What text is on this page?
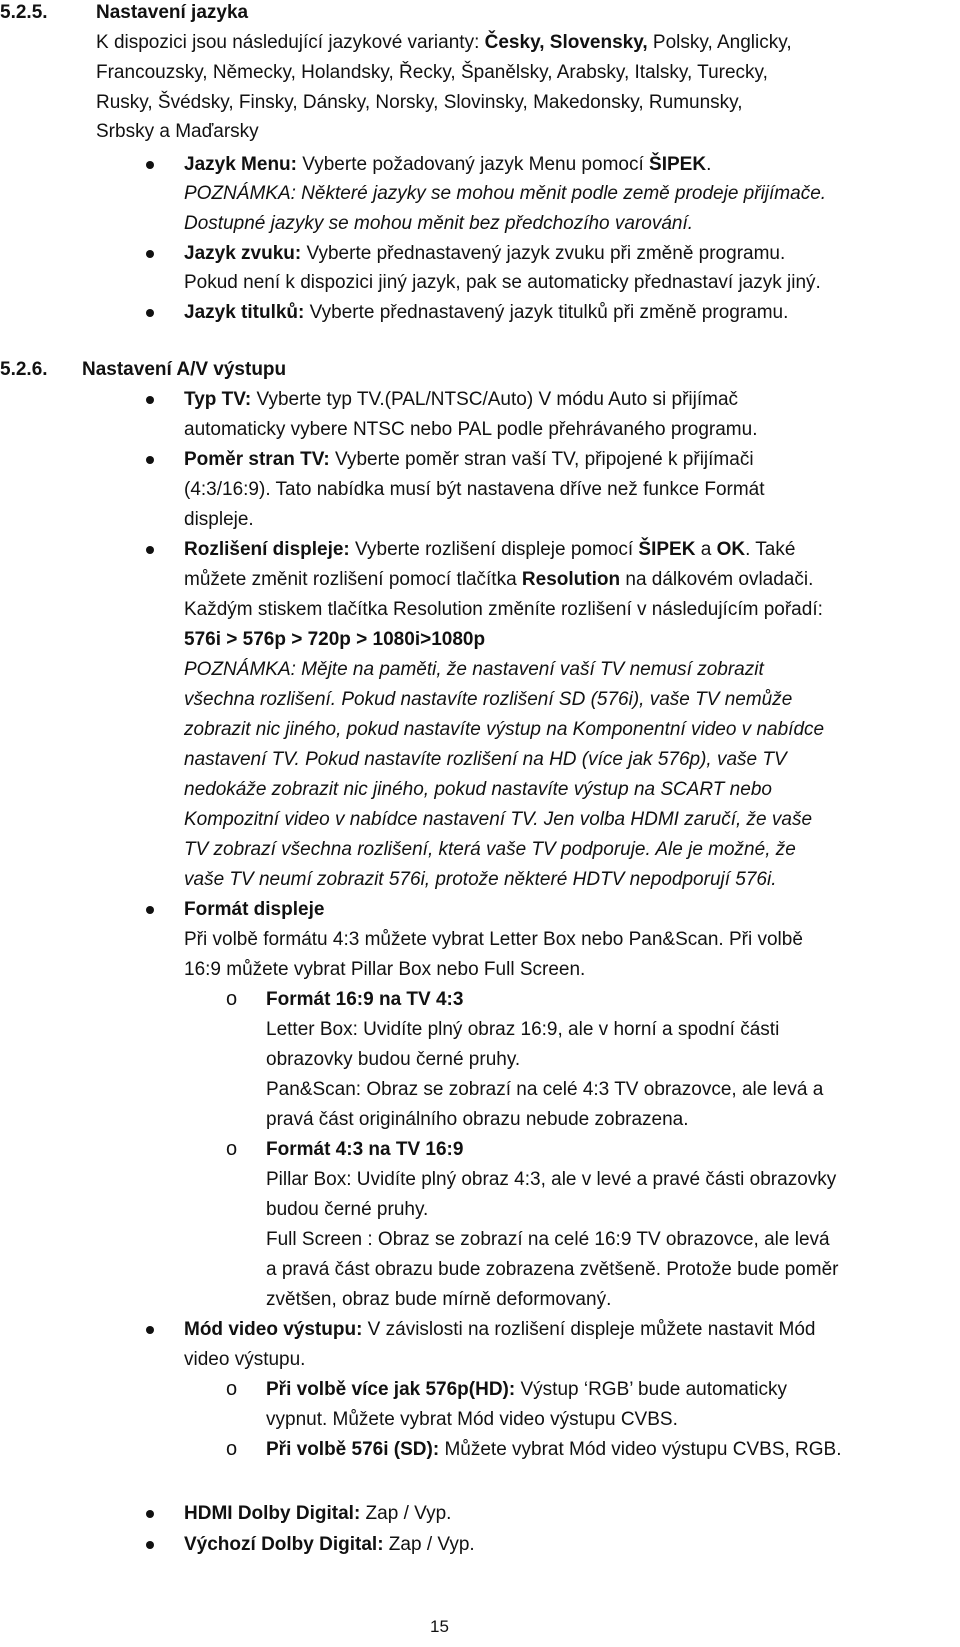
5.2.5.	Nastavení jazyka
K dispozici jsou následující jazykové varianty: Česky, Slovensky, Polsky, Anglicky,
Francouzsky, Německy, Holandsky, Řecky, Španělsky, Arabsky, Italsky, Turecky,
Rusky, Švédsky, Finsky, Dánsky, Norsky, Slovinsky, Makedonsky, Rumunsky,
Srbsky a Maďarsky
Jazyk Menu: Vyberte požadovaný jazyk Menu pomocí ŠIPEK.
POZNÁMKA: Některé jazyky se mohou měnit podle země prodeje přijímače.
Dostupné jazyky se mohou měnit bez předchozího varování.
Jazyk zvuku: Vyberte přednastavený jazyk zvuku při změně programu.
Pokud není k dispozici jiný jazyk, pak se automaticky přednastaví jazyk jiný.
Jazyk titulků: Vyberte přednastavený jazyk titulků při změně programu.
5.2.6. Nastavení A/V výstupu
Typ TV: Vyberte typ TV.(PAL/NTSC/Auto) V módu Auto si přijímač
automaticky vybere NTSC nebo PAL podle přehrávaného programu.
Poměr stran TV: Vyberte poměr stran vaší TV, připojené k přijímači
(4:3/16:9). Tato nabídka musí být nastavena dříve než funkce Formát
displeje.
Rozlišení displeje: Vyberte rozlišení displeje pomocí ŠIPEK a OK. Také
můžete změnit rozlišení pomocí tlačítka Resolution na dálkovém ovladači.
Každým stiskem tlačítka Resolution změníte rozlišení v následujícím pořadí:
576i > 576p > 720p > 1080i>1080p
POZNÁMKA: Mějte na paměti, že nastavení vaší TV nemusí zobrazit
všechna rozlišení. Pokud nastavíte rozlišení SD (576i), vaše TV nemůže
zobrazit nic jiného, pokud nastavíte výstup na Komponentní video v nabídce
nastavení TV. Pokud nastavíte rozlišení na HD (více jak 576p), vaše TV
nedokáže zobrazit nic jiného, pokud nastavíte výstup na SCART nebo
Kompozitní video v nabídce nastavení TV. Jen volba HDMI zaručí, že vaše
TV zobrazí všechna rozlišení, která vaše TV podporuje. Ale je možné, že
vaše TV neumí zobrazit 576i, protože některé HDTV nepodporují 576i.
Formát displeje
Při volbě formátu 4:3 můžete vybrat Letter Box nebo Pan&Scan. Při volbě
16:9 můžete vybrat Pillar Box nebo Full Screen.
o Formát 16:9 na TV 4:3
Letter Box: Uvidíte plný obraz 16:9, ale v horní a spodní části
obrazovky budou černé pruhy.
Pan&Scan: Obraz se zobrazí na celé 4:3 TV obrazovce, ale levá a
pravá část originálního obrazu nebude zobrazena.
o Formát 4:3 na TV 16:9
Pillar Box: Uvidíte plný obraz 4:3, ale v levé a pravé části obrazovky
budou černé pruhy.
Full Screen : Obraz se zobrazí na celé 16:9 TV obrazovce, ale levá
a pravá část obrazu bude zobrazena zvětšeně. Protože bude poměr
zvětšen, obraz bude mírně deformovaný.
Mód video výstupu: V závislosti na rozlišení displeje můžete nastavit Mód
video výstupu.
o Při volbě více jak 576p(HD): Výstup ‘RGB’ bude automaticky
vypnut. Můžete vybrat Mód video výstupu CVBS.
o Při volbě 576i (SD): Můžete vybrat Mód video výstupu CVBS, RGB.
HDMI Dolby Digital: Zap / Vyp.
Výchozí Dolby Digital: Zap / Vyp.
15
